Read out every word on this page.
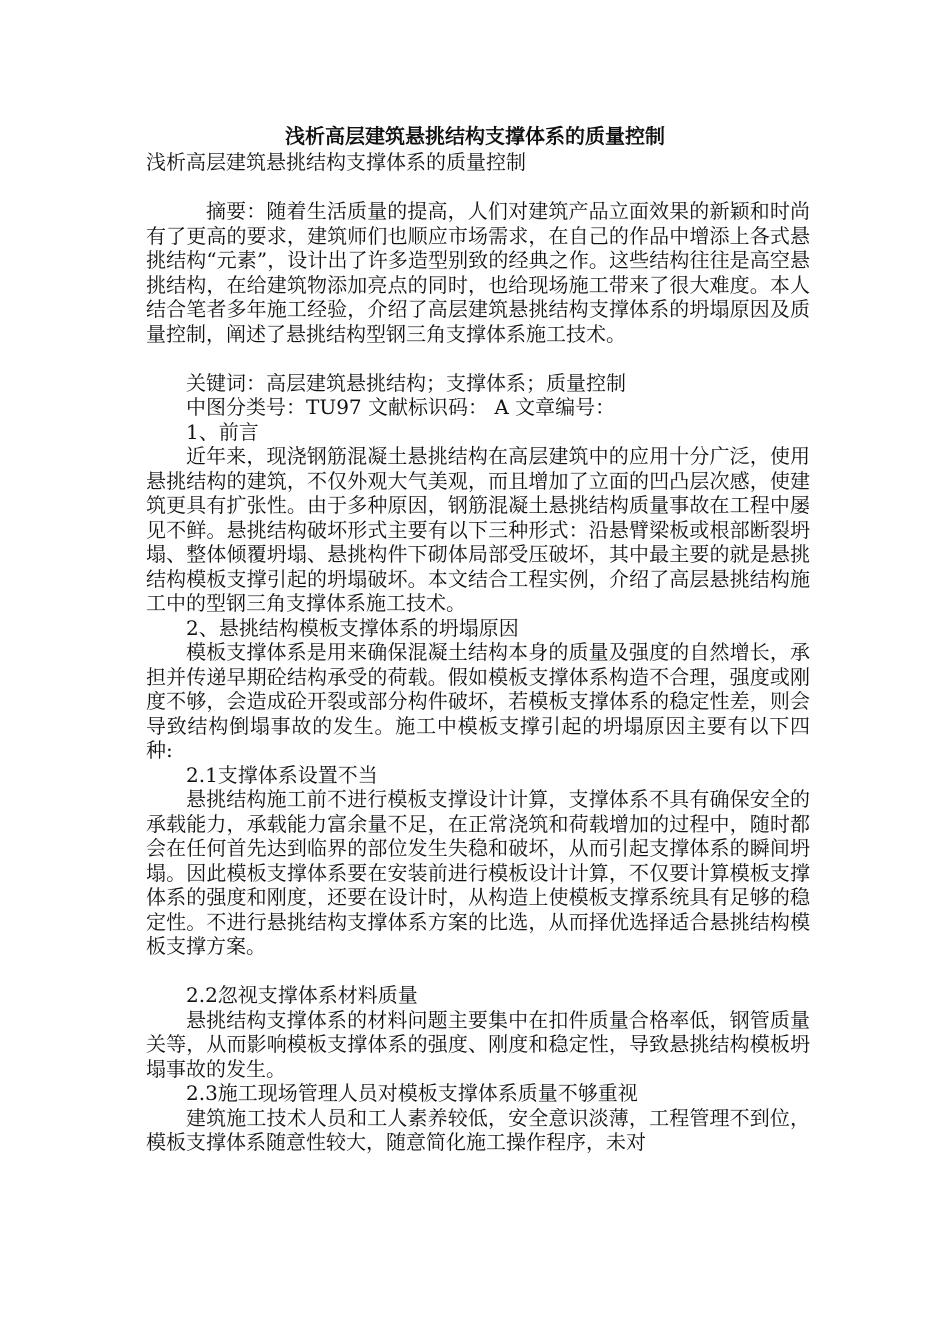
浅析高层建筑悬挑结构支撑体系的质量控制

浅析高层建筑悬挑结构支撑体系的质量控制

摘要：随着生活质量的提高，人们对建筑产品立面效果的新颖和时尚有了更高的要求，建筑师们也顺应市场需求，在自己的作品中增添上各式悬挑结构“元素”，设计出了许多造型别致的经典之作。这些结构往往是高空悬挑结构，在给建筑物添加亮点的同时，也给现场施工带来了很大难度。本人结合笔者多年施工经验，介绍了高层建筑悬挑结构支撑体系的坍塌原因及质量控制，阐述了悬挑结构型钢三角支撑体系施工技术。

关键词：高层建筑悬挑结构；支撑体系；质量控制

中图分类号：TU97 文献标识码： A 文章编号：

1、前言

近年来，现浇钢筋混凝土悬挑结构在高层建筑中的应用十分广泛，使用悬挑结构的建筑，不仅外观大气美观，而且增加了立面的凹凸层次感，使建筑更具有扩张性。由于多种原因，钢筋混凝土悬挑结构质量事故在工程中屡见不鲜。悬挑结构破坏形式主要有以下三种形式：沿悬臂梁板或根部断裂坍塌、整体倾覆坍塌、悬挑构件下砌体局部受压破坏，其中最主要的就是悬挑结构模板支撑引起的坍塌破坏。本文结合工程实例，介绍了高层悬挑结构施工中的型钢三角支撑体系施工技术。

2、悬挑结构模板支撑体系的坍塌原因

模板支撑体系是用来确保混凝土结构本身的质量及强度的自然增长，承担并传递早期砼结构承受的荷载。假如模板支撑体系构造不合理，强度或刚度不够，会造成砼开裂或部分构件破坏，若模板支撑体系的稳定性差，则会导致结构倒塌事故的发生。施工中模板支撑引起的坍塌原因主要有以下四种:

2.1支撑体系设置不当

悬挑结构施工前不进行模板支撑设计计算，支撑体系不具有确保安全的承载能力，承载能力富余量不足，在正常浇筑和荷载增加的过程中，随时都会在任何首先达到临界的部位发生失稳和破坏，从而引起支撑体系的瞬间坍塌。因此模板支撑体系要在安装前进行模板设计计算，不仅要计算模板支撑体系的强度和刚度，还要在设计时，从构造上使模板支撑系统具有足够的稳定性。不进行悬挑结构支撑体系方案的比选，从而择优选择适合悬挑结构模板支撑方案。

2.2忽视支撑体系材料质量

悬挑结构支撑体系的材料问题主要集中在扣件质量合格率低，钢管质量关等，从而影响模板支撑体系的强度、刚度和稳定性，导致悬挑结构模板坍塌事故的发生。

2.3施工现场管理人员对模板支撑体系质量不够重视

建筑施工技术人员和工人素养较低，安全意识淡薄，工程管理不到位，模板支撑体系随意性较大，随意简化施工操作程序，未对
